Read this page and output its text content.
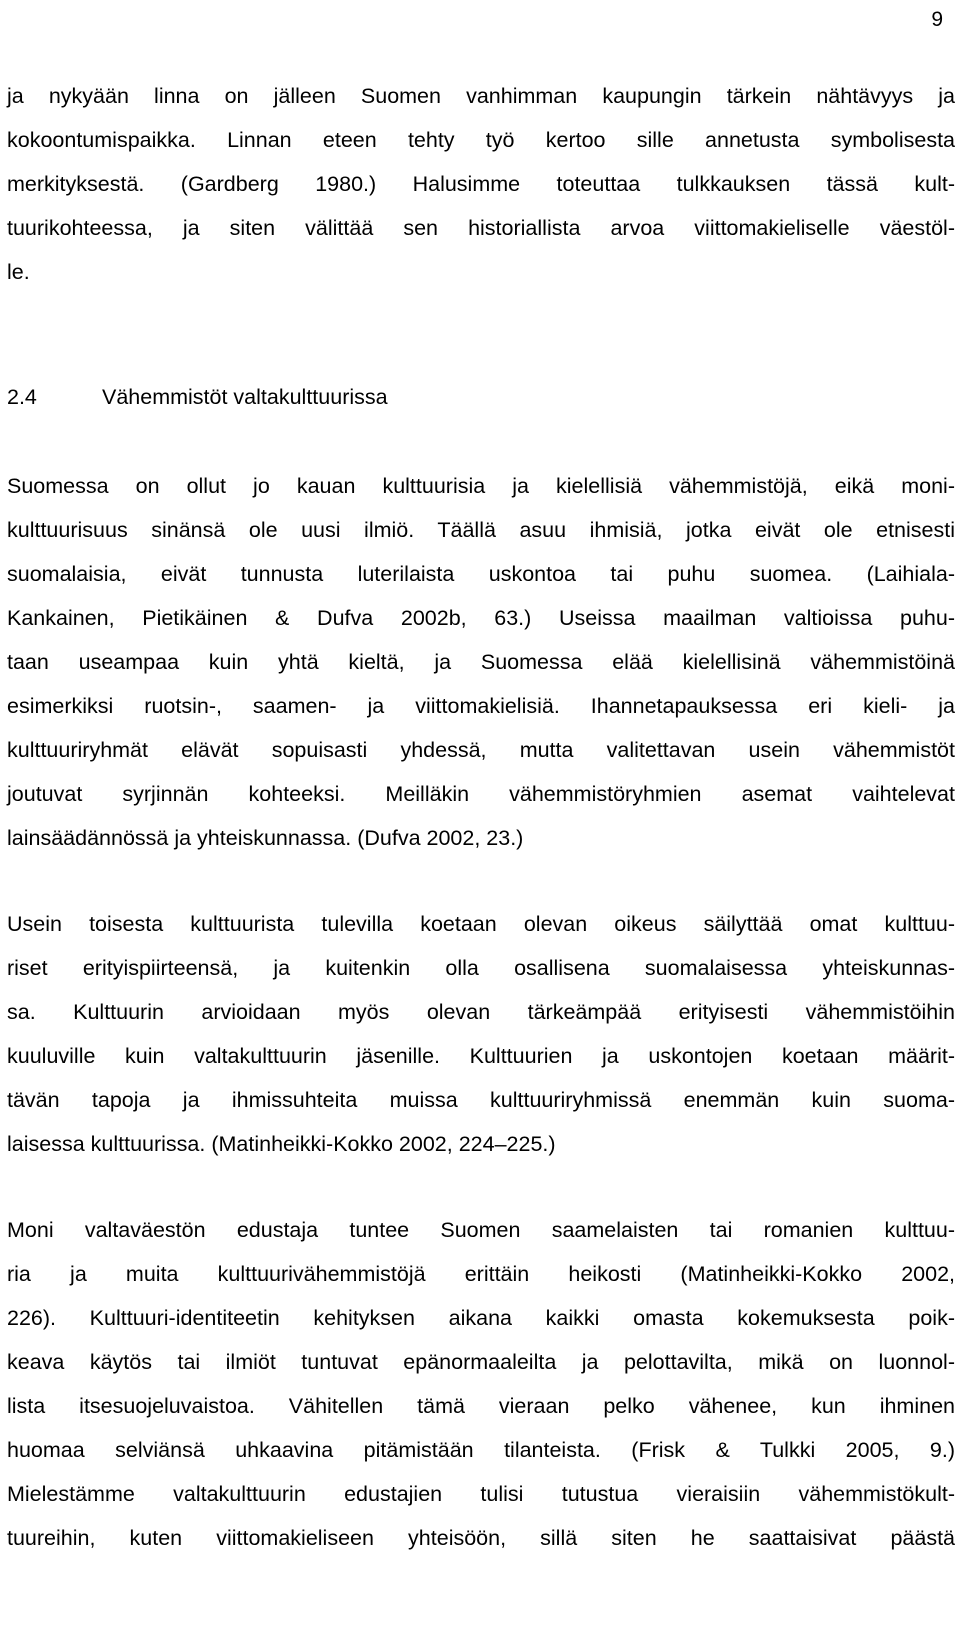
9
ja nykyään linna on jälleen Suomen vanhimman kaupungin tärkein nähtävyys ja
kokoontumispaikka. Linnan eteen tehty työ kertoo sille annetusta symbolisesta
merkityksestä. (Gardberg 1980.) Halusimme toteuttaa tulkkauksen tässä kult-
tuurikohteessa, ja siten välittää sen historiallista arvoa viittomakieliselle väestöl-
le.
2.4	Vähemmistöt valtakulttuurissa
Suomessa on ollut jo kauan kulttuurisia ja kielellisiä vähemmistöjä, eikä moni-
kulttuurisuus sinänsä ole uusi ilmiö. Täällä asuu ihmisiä, jotka eivät ole etnisesti
suomalaisia, eivät tunnusta luterilaista uskontoa tai puhu suomea. (Laihiala-
Kankainen, Pietikäinen & Dufva 2002b, 63.) Useissa maailman valtioissa puhu-
taan useampaa kuin yhtä kieltä, ja Suomessa elää kielellisinä vähemmistöinä
esimerkiksi ruotsin-, saamen- ja viittomakielisiä. Ihannetapauksessa eri kieli- ja
kulttuuriryhmät elävät sopuisasti yhdessä, mutta valitettavan usein vähemmistöt
joutuvat syrjinnän kohteeksi. Meilläkin vähemmistöryhmien asemat vaihtelevat
lainsäädännössä ja yhteiskunnassa. (Dufva 2002, 23.)
Usein toisesta kulttuurista tulevilla koetaan olevan oikeus säilyttää omat kulttuu-
riset erityispiirteensä, ja kuitenkin olla osallisena suomalaisessa yhteiskunnas-
sa. Kulttuurin arvioidaan myös olevan tärkeämpää erityisesti vähemmistöihin
kuuluville kuin valtakulttuurin jäsenille. Kulttuurien ja uskontojen koetaan määrit-
tävän tapoja ja ihmissuhteita muissa kulttuuriryhmissä enemmän kuin suoma-
laisessa kulttuurissa. (Matinheikki-Kokko 2002, 224–225.)
Moni valtaväestön edustaja tuntee Suomen saamelaisten tai romanien kulttuu-
ria ja muita kulttuurivähemmistöjä erittäin heikosti (Matinheikki-Kokko 2002,
226). Kulttuuri-identiteetin kehityksen aikana kaikki omasta kokemuksesta poik-
keava käytös tai ilmiöt tuntuvat epänormaaleilta ja pelottavilta, mikä on luonnol-
lista itsesuojeluvaistoa. Vähitellen tämä vieraan pelko vähenee, kun ihminen
huomaa selviänsä uhkaavina pitämistään tilanteista. (Frisk & Tulkki 2005, 9.)
Mielestämme valtakulttuurin edustajien tulisi tutustua vieraisiin vähemmistökult-
tuureihin, kuten viittomakieliseen yhteisöön, sillä siten he saattaisivat päästä
